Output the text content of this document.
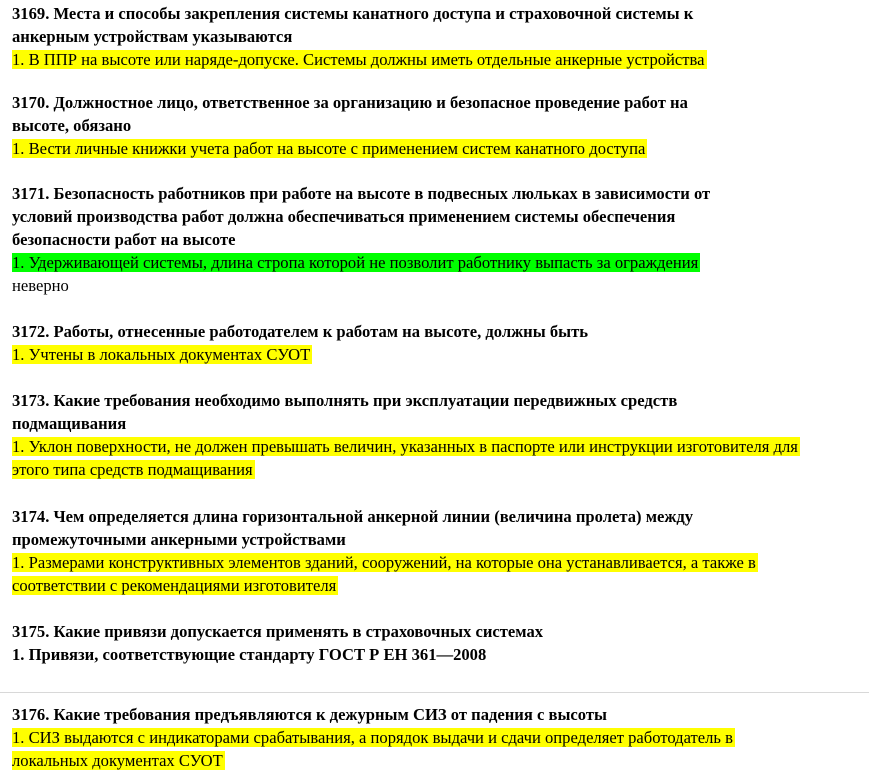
3169. Места и способы закрепления системы канатного доступа и страховочной системы к
анкерным устройствам указываются

1. В ППР на высоте или наряде-допуске. Системы должны иметь отдельные анкерные устройства

3170. Должностное лицо, ответственное за организацию и безопасное проведение работ на
высоте, обязано

1. Вести личные книжки учета работ на высоте с применением систем канатного доступа

3171. Безопасность работников при работе на высоте в подвесных люльках в зависимости от
условий производства работ должна обеспечиваться применением системы обеспечения
безопасности работ на высоте

1. Удерживающей системы, длина стропа которой не позволит работнику выпасть за ограждения

неверно

3172. Работы, отнесенные работодателем к работам на высоте, должны быть

1. Учтены в локальных документах СУОТ

3173. Какие требования необходимо выполнять при эксплуатации передвижных средств
подмащивания

1. Уклон поверхности, не должен превышать величин, указанных в паспорте или инструкции изготовителя для этого типа средств подмащивания

3174. Чем определяется длина горизонтальной анкерной линии (величина пролета) между
промежуточными анкерными устройствами

1. Размерами конструктивных элементов зданий, сооружений, на которые она устанавливается, а также в соответствии с рекомендациями изготовителя

3175. Какие привязи допускается применять в страховочных системах

1. Привязи, соответствующие стандарту ГОСТ Р ЕН 361—2008

3176. Какие требования предъявляются к дежурным СИЗ от падения с высоты

1. СИЗ выдаются с индикаторами срабатывания, а порядок выдачи и сдачи определяет работодатель в локальных документах СУОТ
